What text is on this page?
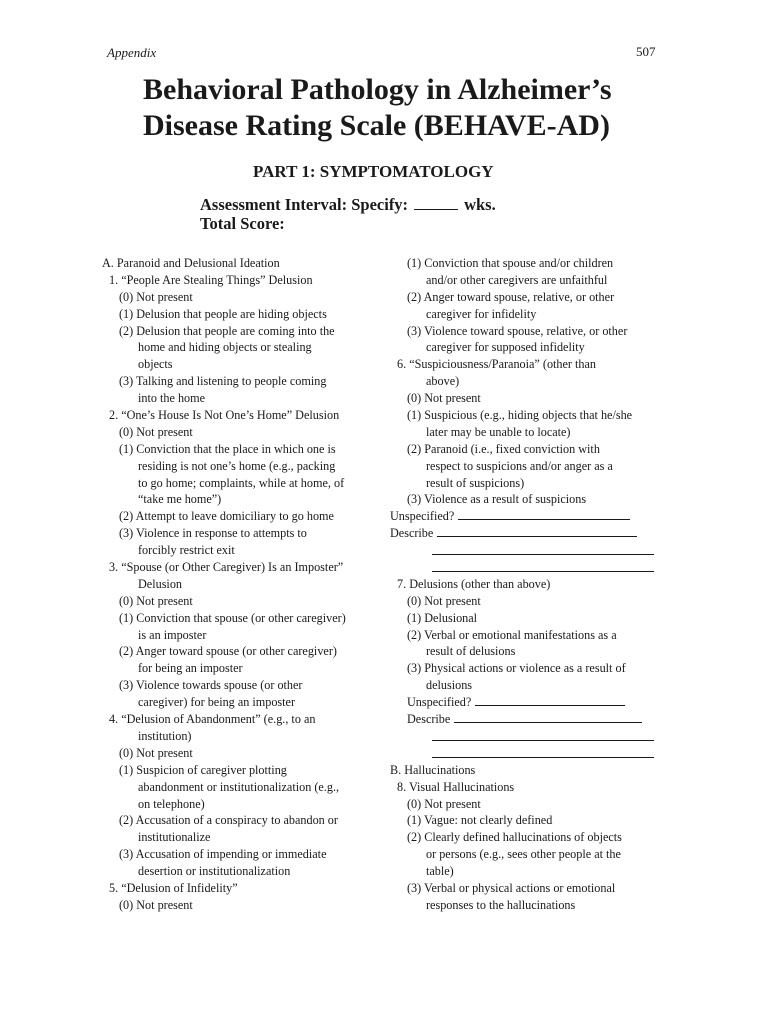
Appendix	507
Behavioral Pathology in Alzheimer’s
Disease Rating Scale (BEHAVE-AD)
PART 1: SYMPTOMATOLOGY
Assessment Interval: Specify:	wks.
Total Score:
A. Paranoid and Delusional Ideation
1. “People Are Stealing Things” Delusion
(0) Not present
(1) Delusion that people are hiding objects
(2) Delusion that people are coming into the
home and hiding objects or stealing
objects
(3) Talking and listening to people coming
into the home
2. “One’s House Is Not One’s Home” Delusion
(0) Not present
(1) Conviction that the place in which one is
residing is not one’s home (e.g., packing
to go home; complaints, while at home, of
“take me home”)
(2) Attempt to leave domiciliary to go home
(3) Violence in response to attempts to
forcibly restrict exit
3. “Spouse (or Other Caregiver) Is an Imposter”
Delusion
(0) Not present
(1) Conviction that spouse (or other caregiver)
is an imposter
(2) Anger toward spouse (or other caregiver)
for being an imposter
(3) Violence towards spouse (or other
caregiver) for being an imposter
4. “Delusion of Abandonment” (e.g., to an
institution)
(0) Not present
(1) Suspicion of caregiver plotting
abandonment or institutionalization (e.g.,
on telephone)
(2) Accusation of a conspiracy to abandon or
institutionalize
(3) Accusation of impending or immediate
desertion or institutionalization
5. “Delusion of Infidelity”
(0) Not present
(1) Conviction that spouse and/or children
and/or other caregivers are unfaithful
(2) Anger toward spouse, relative, or other
caregiver for infidelity
(3) Violence toward spouse, relative, or other
caregiver for supposed infidelity
6. “Suspiciousness/Paranoia” (other than
above)
(0) Not present
(1) Suspicious (e.g., hiding objects that he/she
later may be unable to locate)
(2) Paranoid (i.e., fixed conviction with
respect to suspicions and/or anger as a
result of suspicions)
(3) Violence as a result of suspicions
Unspecified?
Describe
7. Delusions (other than above)
(0) Not present
(1) Delusional
(2) Verbal or emotional manifestations as a
result of delusions
(3) Physical actions or violence as a result of
delusions
Unspecified?
Describe
B. Hallucinations
8. Visual Hallucinations
(0) Not present
(1) Vague: not clearly defined
(2) Clearly defined hallucinations of objects
or persons (e.g., sees other people at the
table)
(3) Verbal or physical actions or emotional
responses to the hallucinations
